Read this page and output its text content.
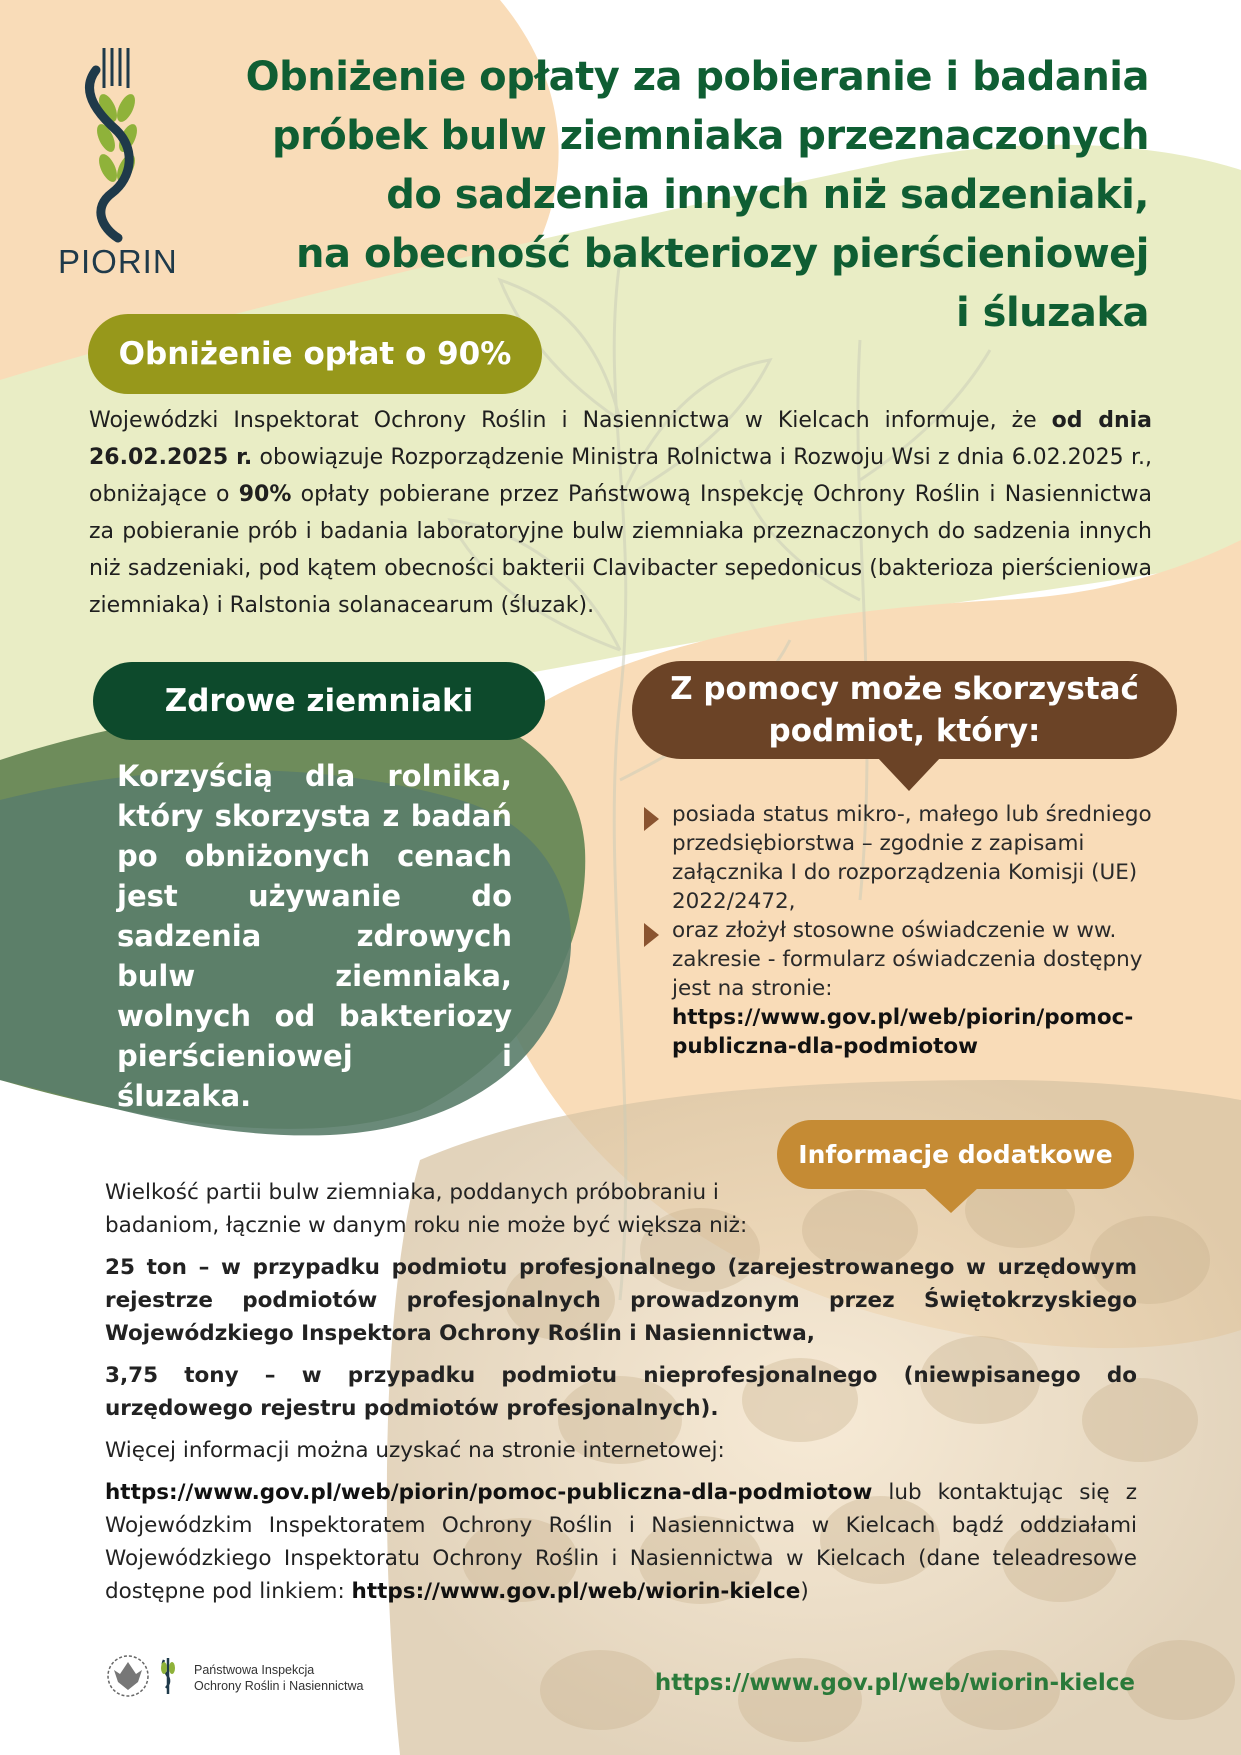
PIORIN
Obniżenie opłaty za pobieranie i badania
próbek bulw ziemniaka przeznaczonych
do sadzenia innych niż sadzeniaki,
na obecność bakteriozy pierścieniowej
i śluzaka
Obniżenie opłat o 90%
Wojewódzki Inspektorat Ochrony Roślin i Nasiennictwa w Kielcach informuje, że od dnia 26.02.2025 r. obowiązuje Rozporządzenie Ministra Rolnictwa i Rozwoju Wsi z dnia 6.02.2025 r., obniżające o 90% opłaty pobierane przez Państwową Inspekcję Ochrony Roślin i Nasiennictwa za pobieranie prób i badania laboratoryjne bulw ziemniaka przeznaczonych do sadzenia innych niż sadzeniaki, pod kątem obecności bakterii Clavibacter sepedonicus (bakterioza pierścieniowa ziemniaka) i Ralstonia solanacearum (śluzak).
Zdrowe ziemniaki
Korzyścią dla rolnika, który skorzysta z badań po obniżonych cenach jest używanie do sadzenia zdrowych bulw ziemniaka, wolnych od bakteriozy pierścieniowej i śluzaka.
Z pomocy może skorzystać
podmiot, który:
posiada status mikro-, małego lub średniego przedsiębiorstwa – zgodnie z zapisami załącznika I do rozporządzenia Komisji (UE) 2022/2472,
oraz złożył stosowne oświadczenie w ww. zakresie - formularz oświadczenia dostępny jest na stronie:
https://www.gov.pl/web/piorin/pomoc-publiczna-dla-podmiotow
Informacje dodatkowe

Wielkość partii bulw ziemniaka, poddanych próbobraniu i badaniom, łącznie w danym roku nie może być większa niż:

25 ton – w przypadku podmiotu profesjonalnego (zarejestrowanego w urzędowym rejestrze podmiotów profesjonalnych prowadzonym przez Świętokrzyskiego Wojewódzkiego Inspektora Ochrony Roślin i Nasiennictwa,

3,75 tony – w przypadku podmiotu nieprofesjonalnego (niewpisanego do urzędowego rejestru podmiotów profesjonalnych).

Więcej informacji można uzyskać na stronie internetowej:

https://www.gov.pl/web/piorin/pomoc-publiczna-dla-podmiotow lub kontaktując się z Wojewódzkim Inspektoratem Ochrony Roślin i Nasiennictwa w Kielcach bądź oddziałami Wojewódzkiego Inspektoratu Ochrony Roślin i Nasiennictwa w Kielcach (dane teleadresowe dostępne pod linkiem: https://www.gov.pl/web/wiorin-kielce)

Państwowa Inspekcja
Ochrony Roślin i Nasiennictwa	https://www.gov.pl/web/wiorin-kielce
